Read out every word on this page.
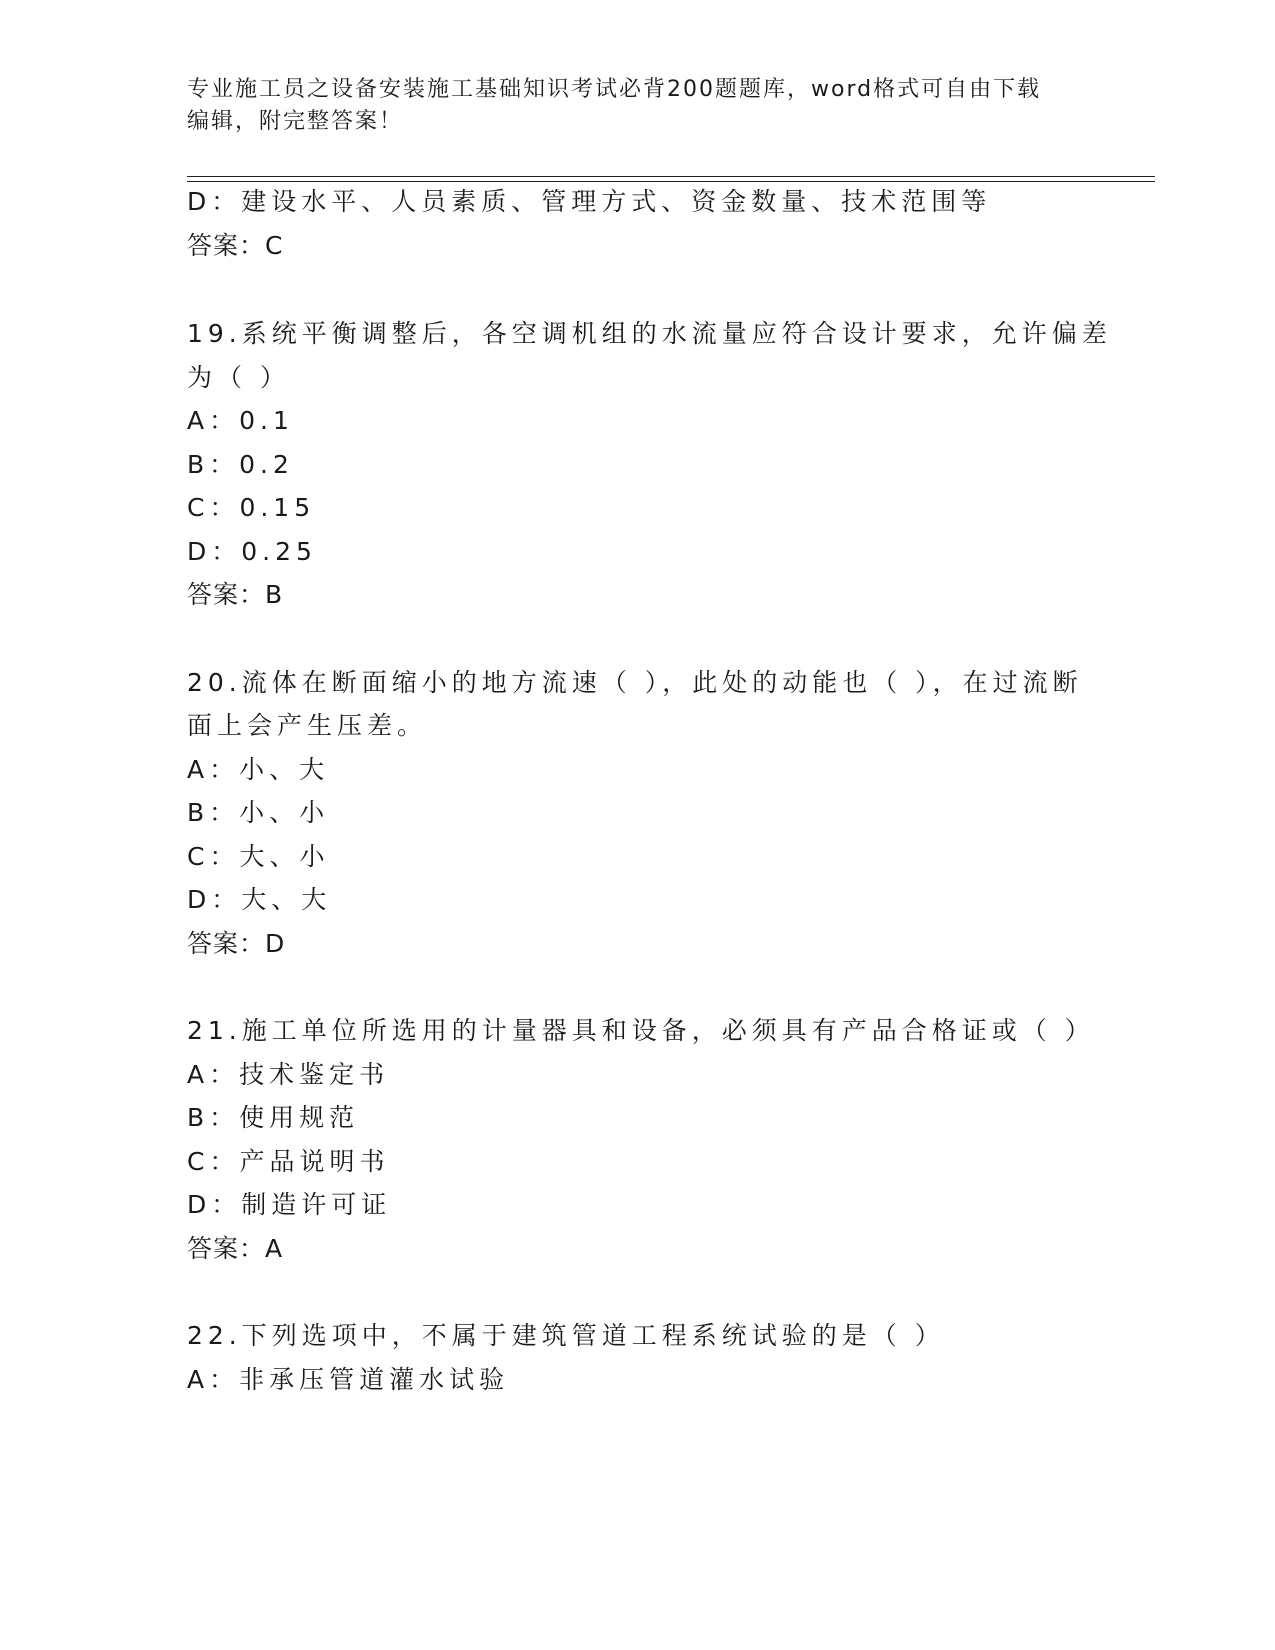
专业施工员之设备安装施工基础知识考试必背200题题库，word格式可自由下载
编辑，附完整答案！
D：建设水平、人员素质、管理方式、资金数量、技术范围等
答案：C
19.系统平衡调整后，各空调机组的水流量应符合设计要求，允许偏差
为（ ）
A：0.1
B：0.2
C：0.15
D：0.25
答案：B
20.流体在断面缩小的地方流速（ ），此处的动能也（ ），在过流断
面上会产生压差。
A：小、大
B：小、小
C：大、小
D：大、大
答案：D
21.施工单位所选用的计量器具和设备，必须具有产品合格证或（ ）
A：技术鉴定书
B：使用规范
C：产品说明书
D：制造许可证
答案：A
22.下列选项中，不属于建筑管道工程系统试验的是（ ）
A：非承压管道灌水试验
